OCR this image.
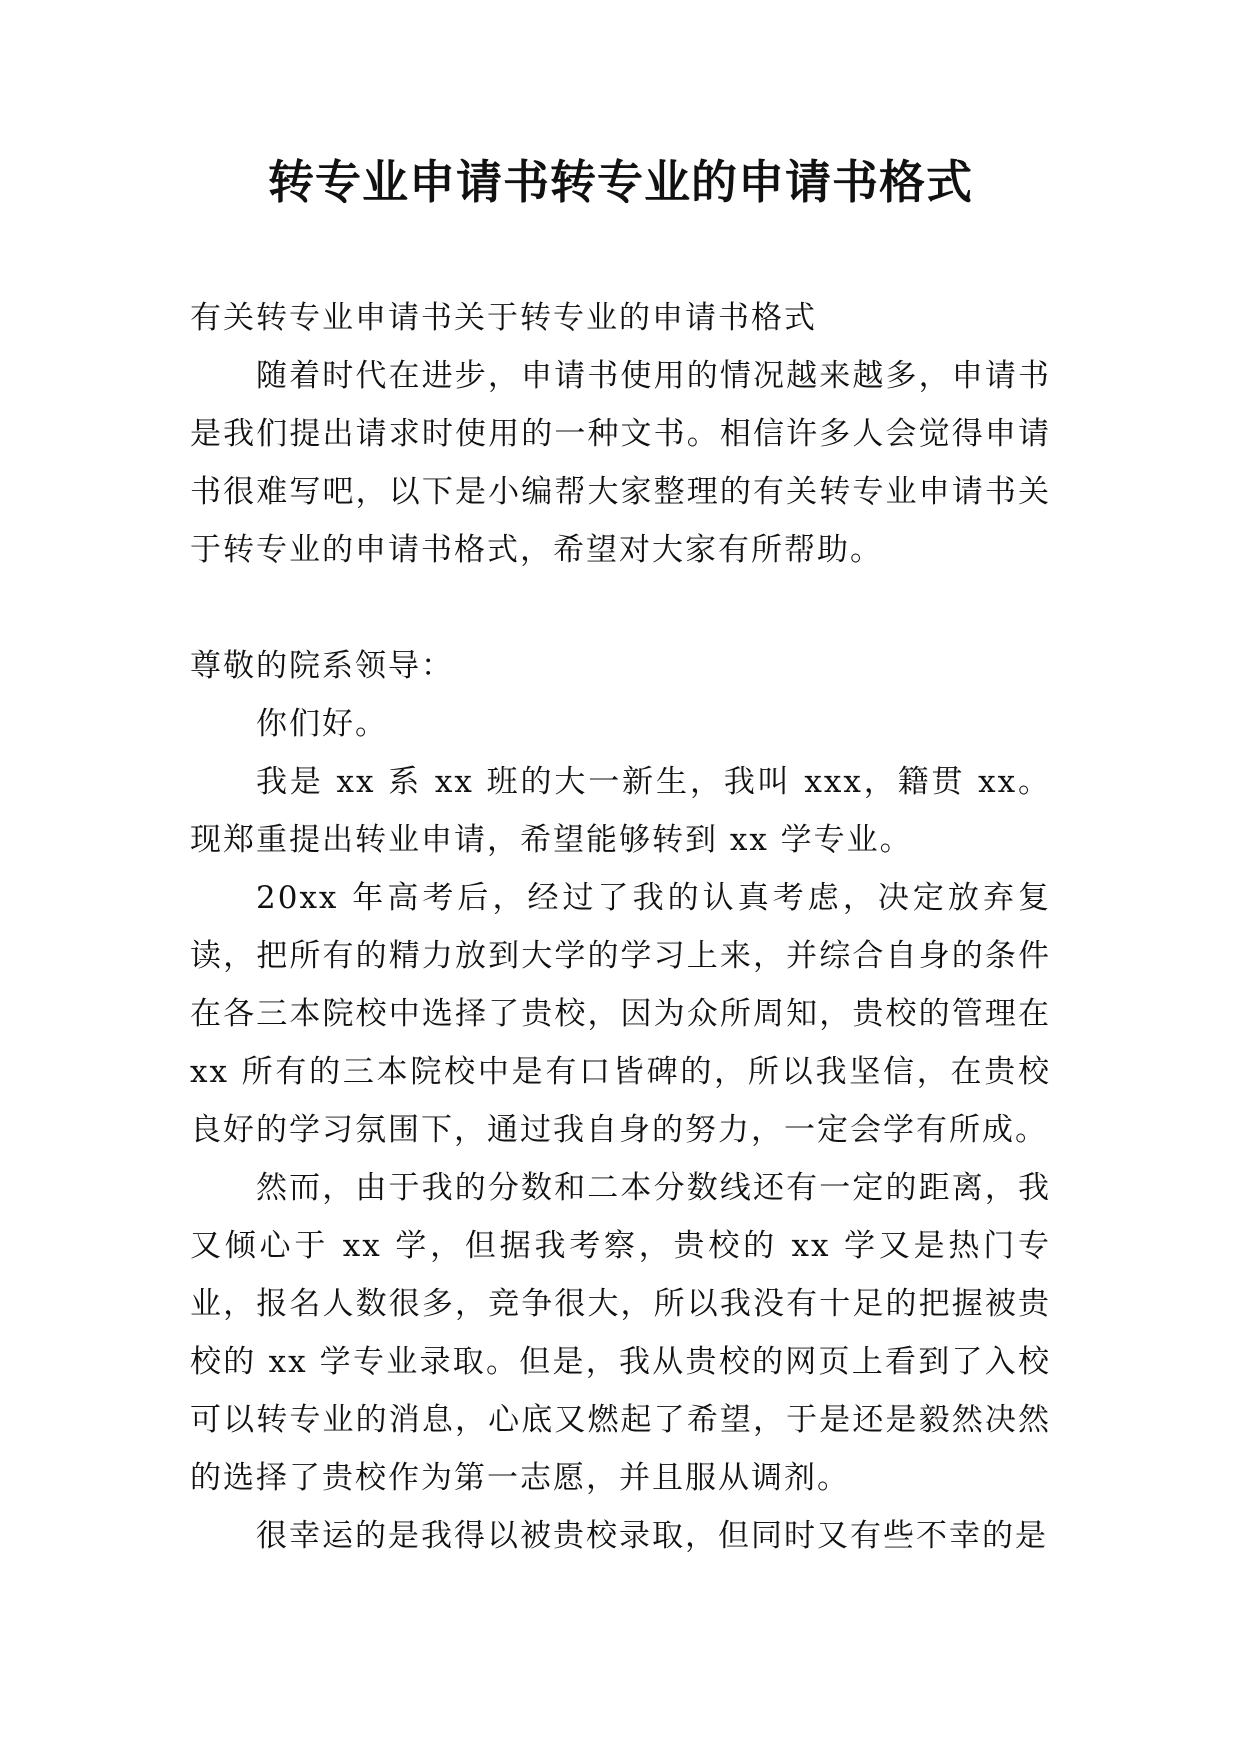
转专业申请书转专业的申请书格式

有关转专业申请书关于转专业的申请书格式

随着时代在进步，申请书使用的情况越来越多，申请书是我们提出请求时使用的一种文书。相信许多人会觉得申请书很难写吧，以下是小编帮大家整理的有关转专业申请书关于转专业的申请书格式，希望对大家有所帮助。

尊敬的院系领导：

你们好。

我是 xx 系 xx 班的大一新生，我叫 xxx，籍贯 xx。现郑重提出转业申请，希望能够转到 xx 学专业。

20xx 年高考后，经过了我的认真考虑，决定放弃复读，把所有的精力放到大学的学习上来，并综合自身的条件在各三本院校中选择了贵校，因为众所周知，贵校的管理在 xx 所有的三本院校中是有口皆碑的，所以我坚信，在贵校良好的学习氛围下，通过我自身的努力，一定会学有所成。

然而，由于我的分数和二本分数线还有一定的距离，我又倾心于 xx 学，但据我考察，贵校的 xx 学又是热门专业，报名人数很多，竞争很大，所以我没有十足的把握被贵校的 xx 学专业录取。但是，我从贵校的网页上看到了入校可以转专业的消息，心底又燃起了希望，于是还是毅然决然的选择了贵校作为第一志愿，并且服从调剂。

很幸运的是我得以被贵校录取，但同时又有些不幸的是
